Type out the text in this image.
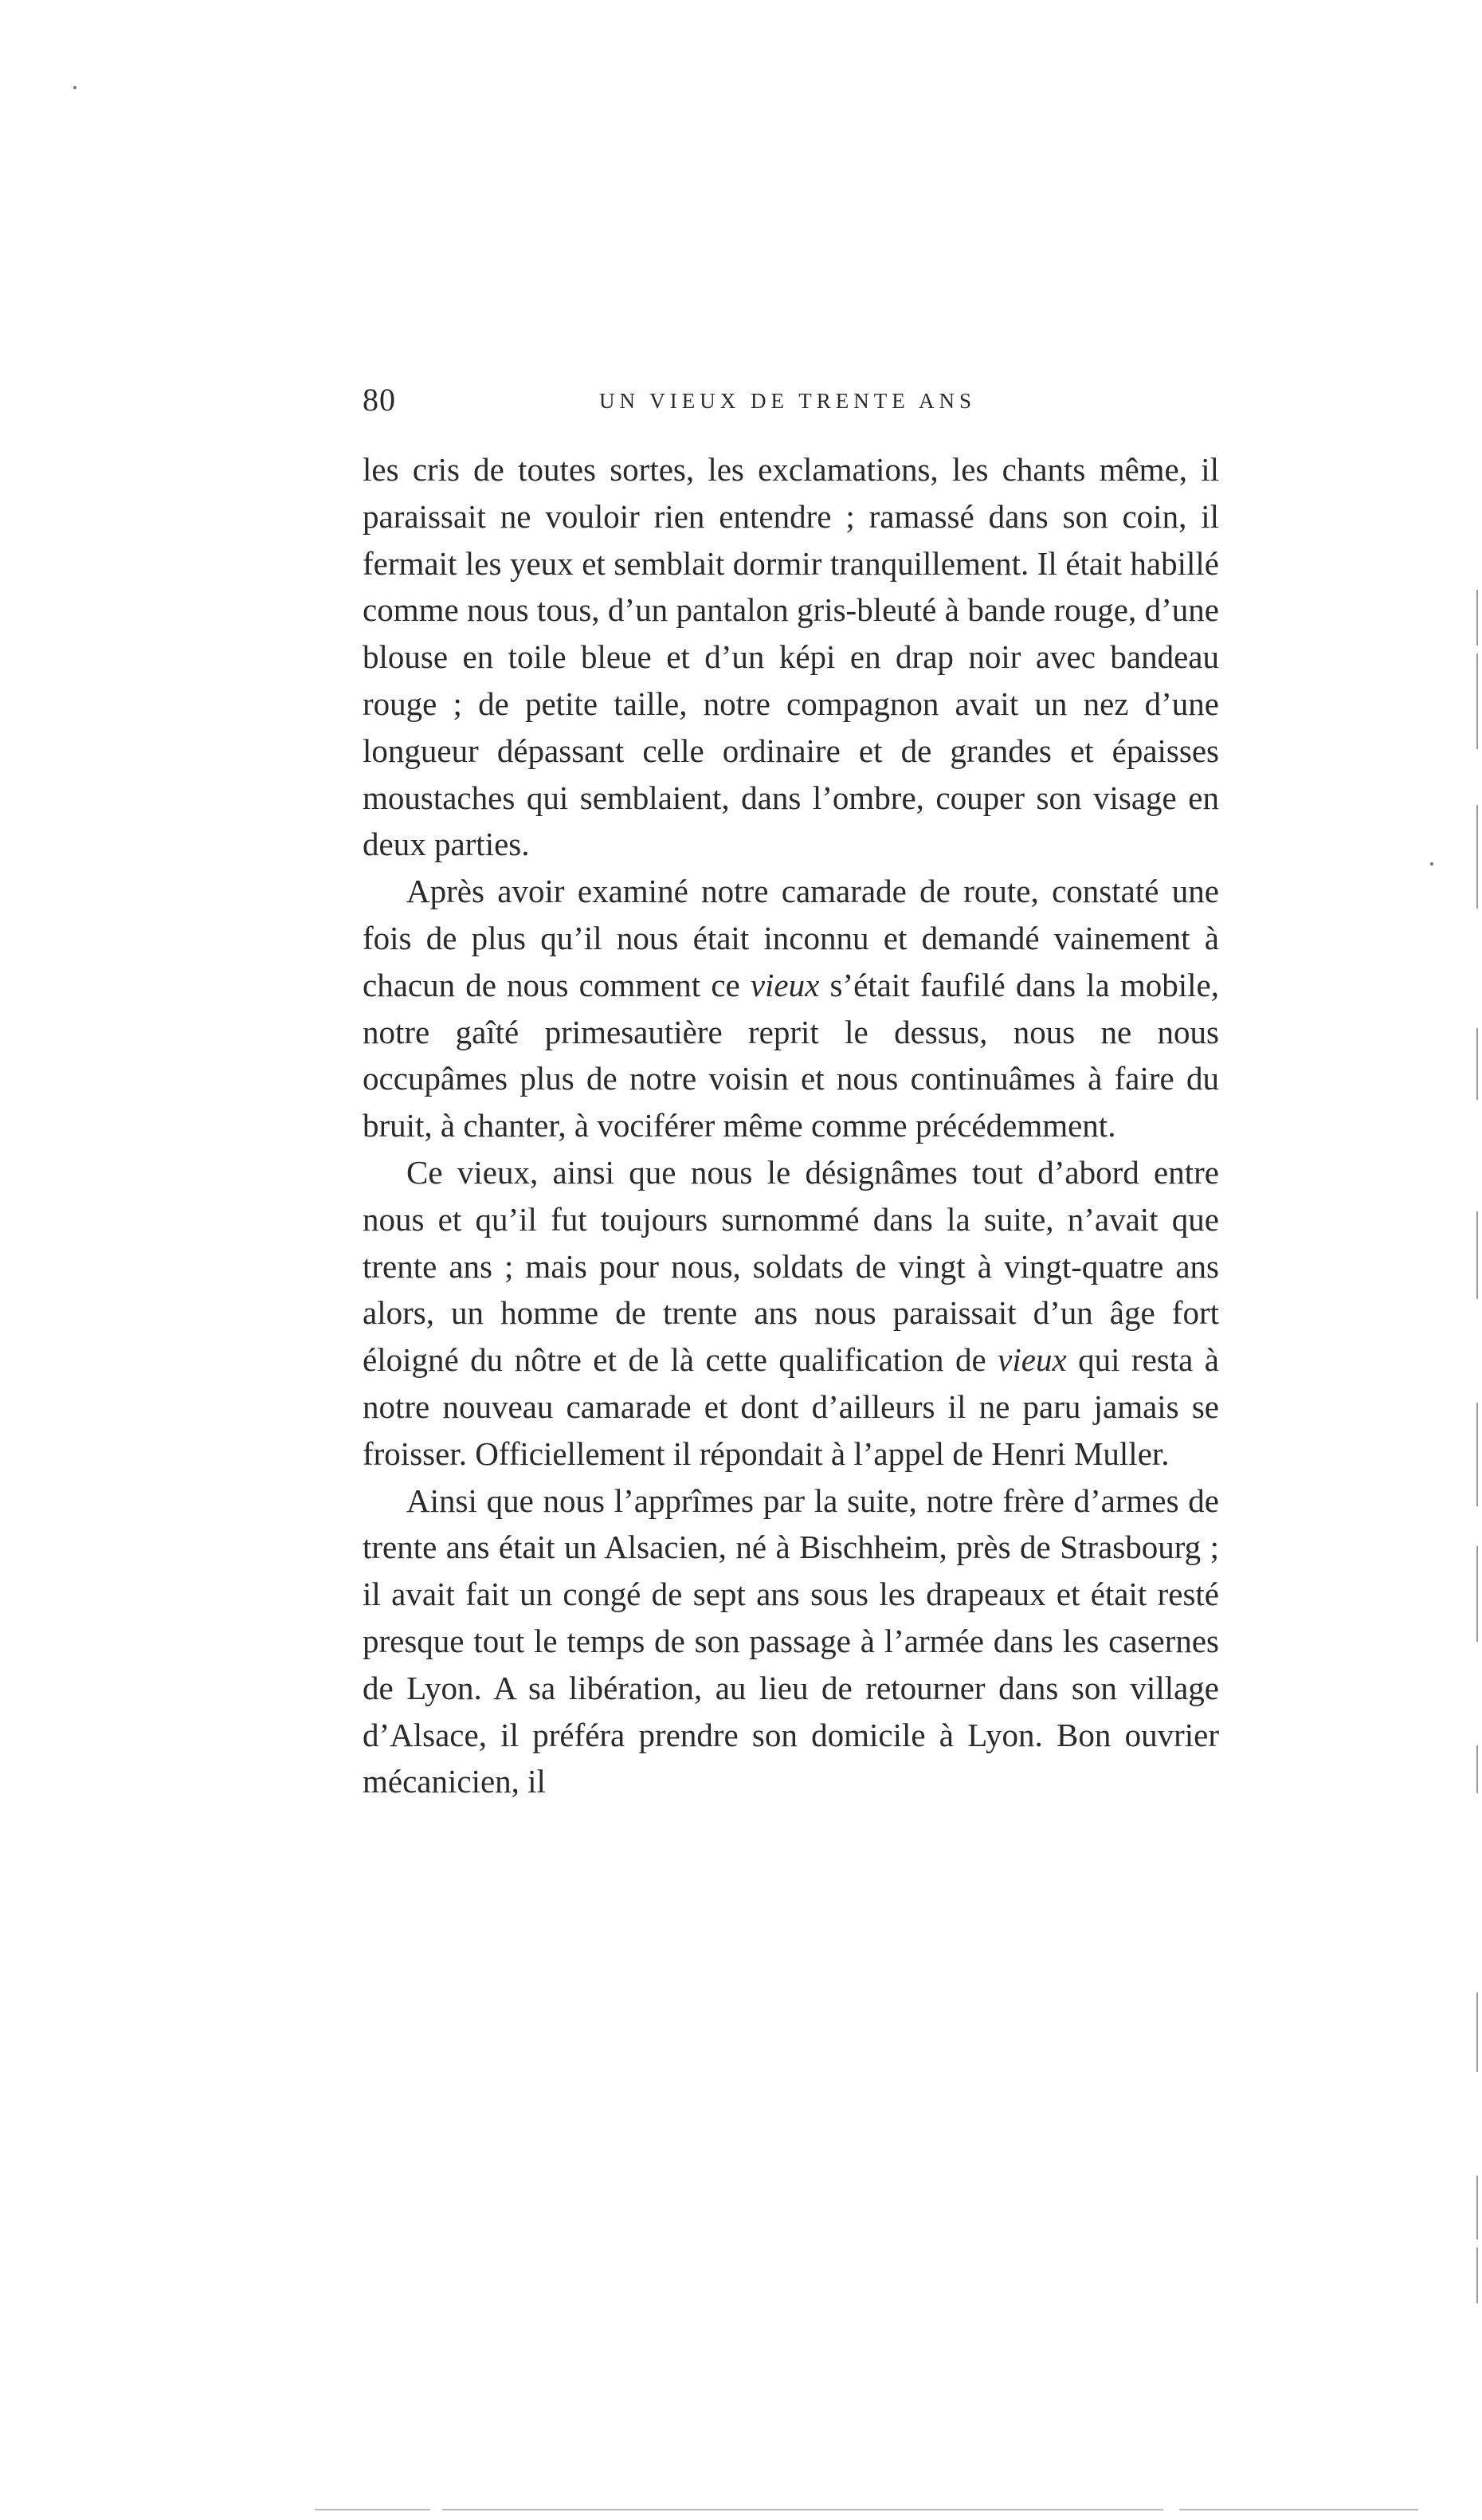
80	UN VIEUX DE TRENTE ANS

les cris de toutes sortes, les exclamations, les chants même, il paraissait ne vouloir rien entendre ; ramassé dans son coin, il fermait les yeux et semblait dormir tranquillement. Il était habillé comme nous tous, d’un pantalon gris-bleuté à bande rouge, d’une blouse en toile bleue et d’un képi en drap noir avec bandeau rouge ; de petite taille, notre compagnon avait un nez d’une longueur dépassant celle ordinaire et de grandes et épaisses moustaches qui semblaient, dans l’ombre, couper son visage en deux parties.

Après avoir examiné notre camarade de route, constaté une fois de plus qu’il nous était inconnu et demandé vainement à chacun de nous comment ce vieux s’était faufilé dans la mobile, notre gaîté primesautière reprit le dessus, nous ne nous occupâmes plus de notre voisin et nous continuâmes à faire du bruit, à chanter, à vociférer même comme précédemment.

Ce vieux, ainsi que nous le désignâmes tout d’abord entre nous et qu’il fut toujours surnommé dans la suite, n’avait que trente ans ; mais pour nous, soldats de vingt à vingt-quatre ans alors, un homme de trente ans nous paraissait d’un âge fort éloigné du nôtre et de là cette qualification de vieux qui resta à notre nouveau camarade et dont d’ailleurs il ne paru jamais se froisser. Officiellement il répondait à l’appel de Henri Muller.

Ainsi que nous l’apprîmes par la suite, notre frère d’armes de trente ans était un Alsacien, né à Bischheim, près de Strasbourg ; il avait fait un congé de sept ans sous les drapeaux et était resté presque tout le temps de son passage à l’armée dans les casernes de Lyon. A sa libération, au lieu de retourner dans son village d’Alsace, il préféra prendre son domicile à Lyon. Bon ouvrier mécanicien, il
